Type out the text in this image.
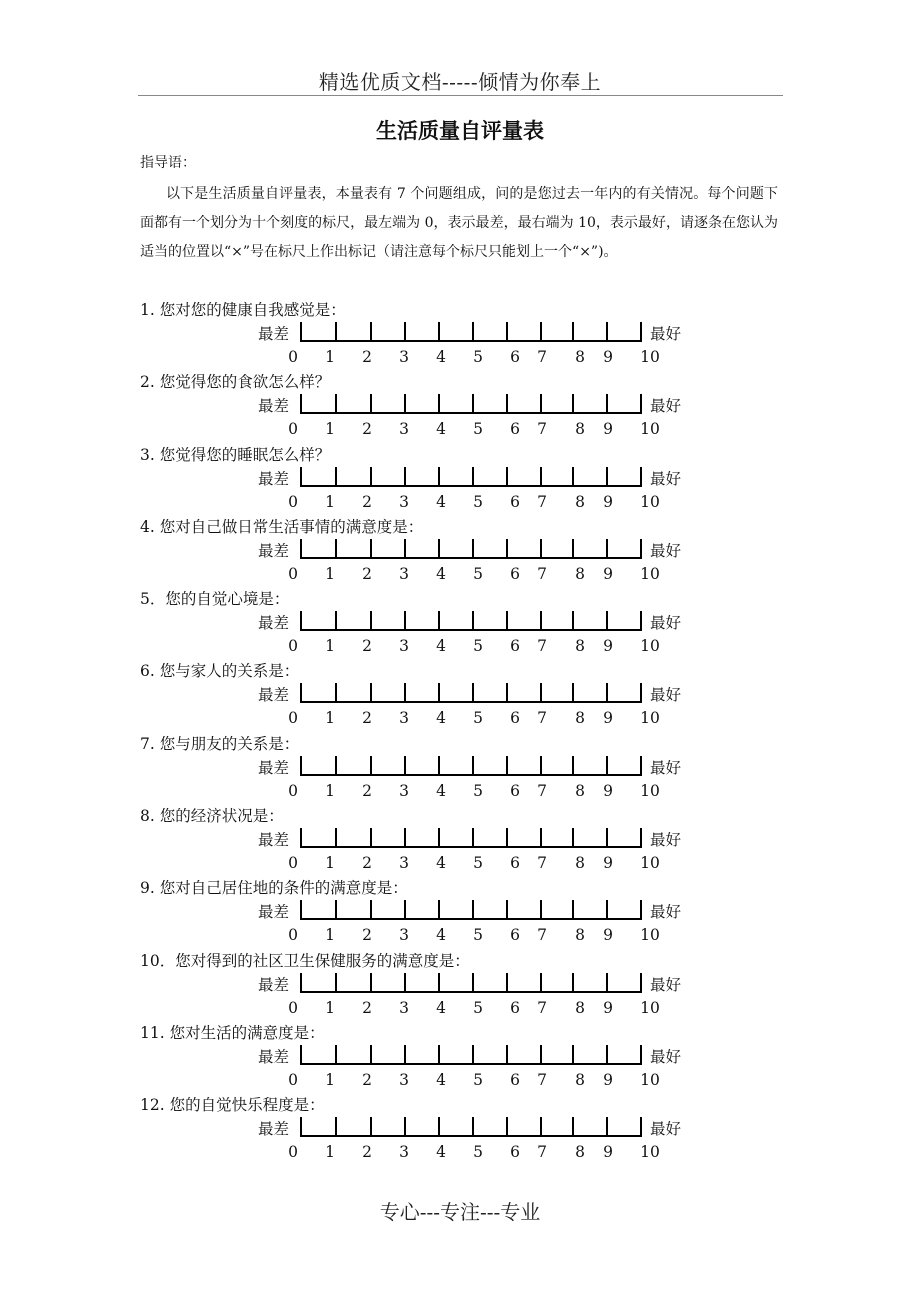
精选优质文档-----倾情为你奉上
生活质量自评量表
指导语：
以下是生活质量自评量表，本量表有 7 个问题组成，问的是您过去一年内的有关情况。每个问题下面都有一个划分为十个刻度的标尺，最左端为 0，表示最差，最右端为 10，表示最好，请逐条在您认为适当的位置以“×”号在标尺上作出标记（请注意每个标尺只能划上一个“×”)。
1. 您对您的健康自我感觉是：
最差	最好
0	1	2	3	4	5	6	7	8	9	10
2. 您觉得您的食欲怎么样？
最差	最好
0	1	2	3	4	5	6	7	8	9	10
3. 您觉得您的睡眠怎么样？
最差	最好
0	1	2	3	4	5	6	7	8	9	10
4. 您对自己做日常生活事情的满意度是：
最差	最好
0	1	2	3	4	5	6	7	8	9	10
5．您的自觉心境是：
最差	最好
0	1	2	3	4	5	6	7	8	9	10
6. 您与家人的关系是：
最差	最好
0	1	2	3	4	5	6	7	8	9	10
7. 您与朋友的关系是：
最差	最好
0	1	2	3	4	5	6	7	8	9	10
8. 您的经济状况是：
最差	最好
0	1	2	3	4	5	6	7	8	9	10
9. 您对自己居住地的条件的满意度是：
最差	最好
0	1	2	3	4	5	6	7	8	9	10
10．您对得到的社区卫生保健服务的满意度是：
最差	最好
0	1	2	3	4	5	6	7	8	9	10
11. 您对生活的满意度是：
最差	最好
0	1	2	3	4	5	6	7	8	9	10
12. 您的自觉快乐程度是：
最差	最好
0	1	2	3	4	5	6	7	8	9	10
专心---专注---专业
